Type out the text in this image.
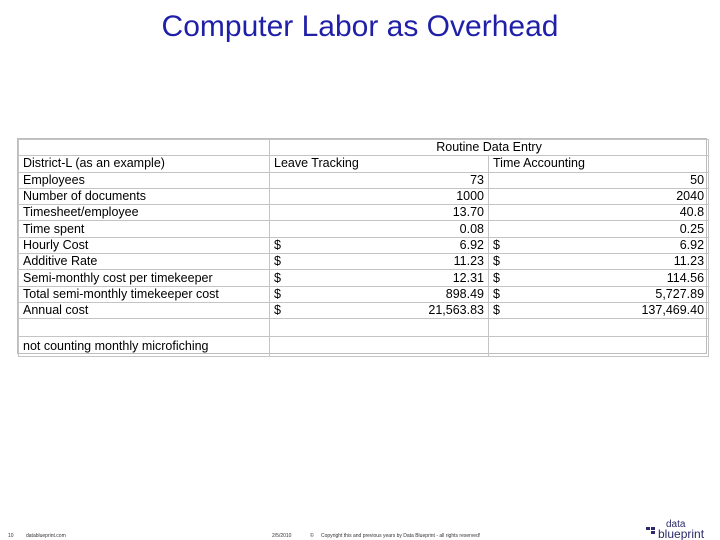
Computer Labor as Overhead
	Routine Data Entry			
District-L (as an example)	Leave Tracking		Time Accounting	
Employees		73		50
Number of documents		1000		2040
Timesheet/employee		13.70		40.8
Time spent		0.08		0.25
Hourly Cost	$	6.92	$	6.92
Additive Rate	$	11.23	$	11.23
Semi-monthly cost per timekeeper	$	12.31	$	114.56
Total semi-monthly timekeeper cost	$	898.49	$	5,727.89
Annual cost	$	21,563.83	$	137,469.40

not counting monthly microfiching				
10 datablueprint.com	2/5/2010	© Copyright this and previous years by Data Blueprint - all rights reserved!
data
blueprint
